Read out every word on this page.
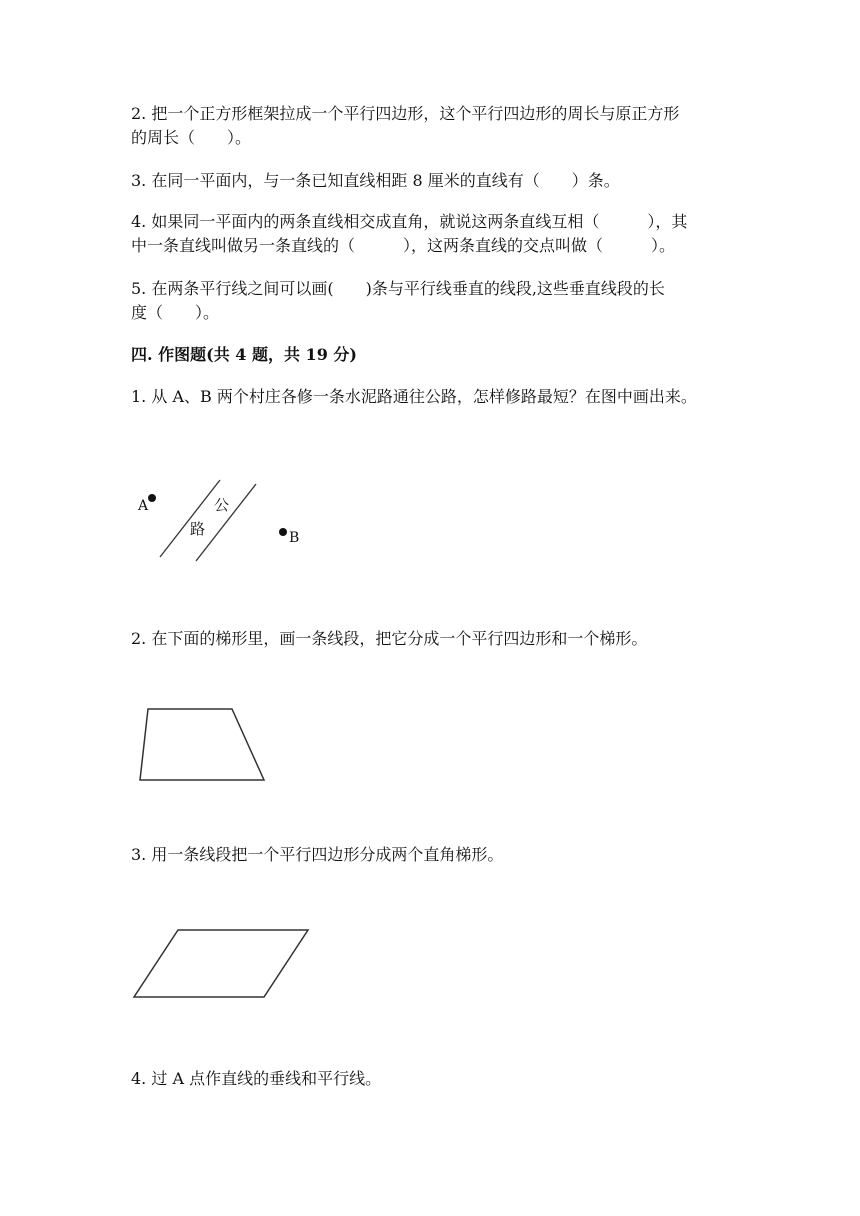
2. 把一个正方形框架拉成一个平行四边形，这个平行四边形的周长与原正方形

的周长（　　）。

3. 在同一平面内，与一条已知直线相距 8 厘米的直线有（　　）条。

4. 如果同一平面内的两条直线相交成直角，就说这两条直线互相（　　　），其

中一条直线叫做另一条直线的（　　　），这两条直线的交点叫做（　　　）。

5. 在两条平行线之间可以画(　　)条与平行线垂直的线段,这些垂直线段的长

度（　　）。

四. 作图题(共 4 题，共 19 分)

1. 从 A、B 两个村庄各修一条水泥路通往公路，怎样修路最短？在图中画出来。

A
B
公
路

2. 在下面的梯形里，画一条线段，把它分成一个平行四边形和一个梯形。

3. 用一条线段把一个平行四边形分成两个直角梯形。

4. 过 A 点作直线的垂线和平行线。
